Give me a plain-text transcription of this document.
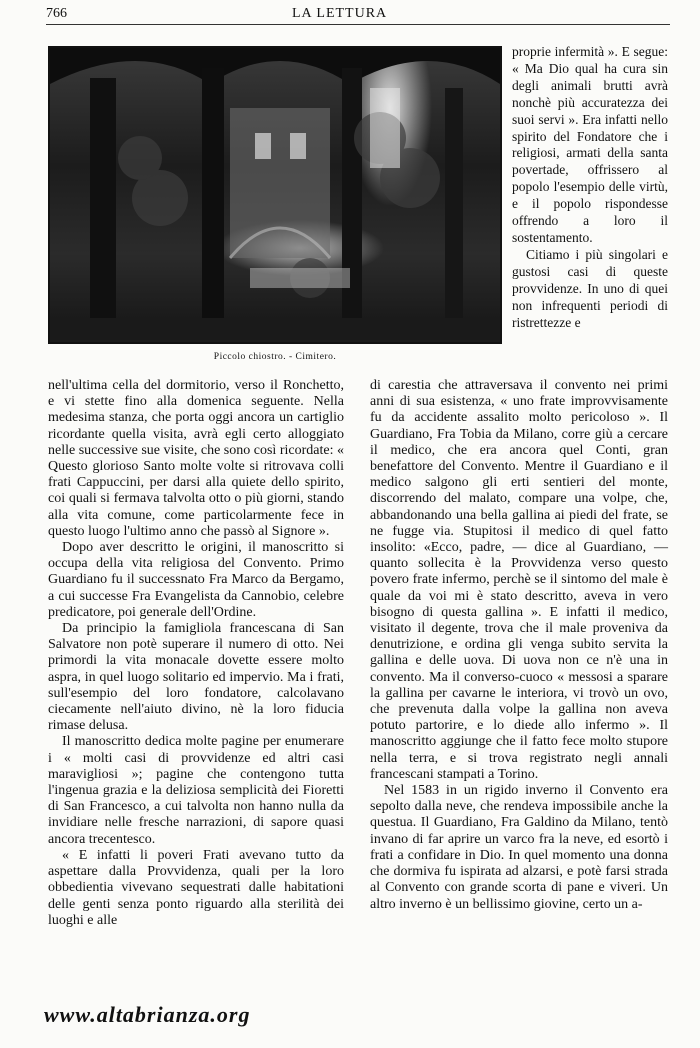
766	LA LETTURA
Piccolo chiostro. - Cimitero.

proprie infermità ». E segue: « Ma Dio qual ha cura sin degli animali brutti avrà nonchè più accuratezza dei suoi servi ». Era infatti nello spirito del Fondatore che i religiosi, armati della santa povertade, offrissero al popolo l'esempio delle virtù, e il popolo rispondesse offrendo a loro il sostentamento.

Citiamo i più singolari e gustosi casi di queste provvidenze. In uno di quei non infrequenti periodi di ristrettezze e

nell'ultima cella del dormitorio, verso il Ronchetto, e vi stette fino alla domenica seguente. Nella medesima stanza, che porta oggi ancora un cartiglio ricordante quella visita, avrà egli certo alloggiato nelle successive sue visite, che sono così ricordate: « Questo glorioso Santo molte volte si ritrovava colli frati Cappuccini, per darsi alla quiete dello spirito, coi quali si fermava talvolta otto o più giorni, stando alla vita comune, come particolarmente fece in questo luogo l'ultimo anno che passò al Signore ».

Dopo aver descritto le origini, il manoscritto si occupa della vita religiosa del Convento. Primo Guardiano fu il successnato Fra Marco da Bergamo, a cui successe Fra Evangelista da Cannobio, celebre predicatore, poi generale dell'Ordine.

Da principio la famigliola francescana di San Salvatore non potè superare il numero di otto. Nei primordi la vita monacale dovette essere molto aspra, in quel luogo solitario ed impervio. Ma i frati, sull'esempio del loro fondatore, calcolavano ciecamente nell'aiuto divino, nè la loro fiducia rimase delusa.

Il manoscritto dedica molte pagine per enumerare i « molti casi di provvidenze ed altri casi maravigliosi »; pagine che contengono tutta l'ingenua grazia e la deliziosa semplicità dei Fioretti di San Francesco, a cui talvolta non hanno nulla da invidiare nelle fresche narrazioni, di sapore quasi ancora trecentesco.

« E infatti li poveri Frati avevano tutto da aspettare dalla Provvidenza, quali per la loro obbedientia vivevano sequestrati dalle habitationi delle genti senza ponto riguardo alla sterilità dei luoghi e alle

di carestia che attraversava il convento nei primi anni di sua esistenza, « uno frate improvvisamente fu da accidente assalito molto pericoloso ». Il Guardiano, Fra Tobia da Milano, corre giù a cercare il medico, che era ancora quel Conti, gran benefattore del Convento. Mentre il Guardiano e il medico salgono gli erti sentieri del monte, discorrendo del malato, compare una volpe, che, abbandonando una bella gallina ai piedi del frate, se ne fugge via. Stupitosi il medico di quel fatto insolito: «Ecco, padre, — dice al Guardiano, — quanto sollecita è la Provvidenza verso questo povero frate infermo, perchè se il sintomo del male è quale da voi mi è stato descritto, aveva in vero bisogno di questa gallina ». E infatti il medico, visitato il degente, trova che il male proveniva da denutrizione, e ordina gli venga subito servita la gallina e delle uova. Di uova non ce n'è una in convento. Ma il converso-cuoco « messosi a sparare la gallina per cavarne le interiora, vi trovò un ovo, che prevenuta dalla volpe la gallina non aveva potuto partorire, e lo diede allo infermo ». Il manoscritto aggiunge che il fatto fece molto stupore nella terra, e si trova registrato negli annali francescani stampati a Torino.

Nel 1583 in un rigido inverno il Convento era sepolto dalla neve, che rendeva impossibile anche la questua. Il Guardiano, Fra Galdino da Milano, tentò invano di far aprire un varco fra la neve, ed esortò i frati a confidare in Dio. In quel momento una donna che dormiva fu ispirata ad alzarsi, e potè farsi strada al Convento con grande scorta di pane e viveri. Un altro inverno è un bellissimo giovine, certo un a-

www.altabrianza.org
